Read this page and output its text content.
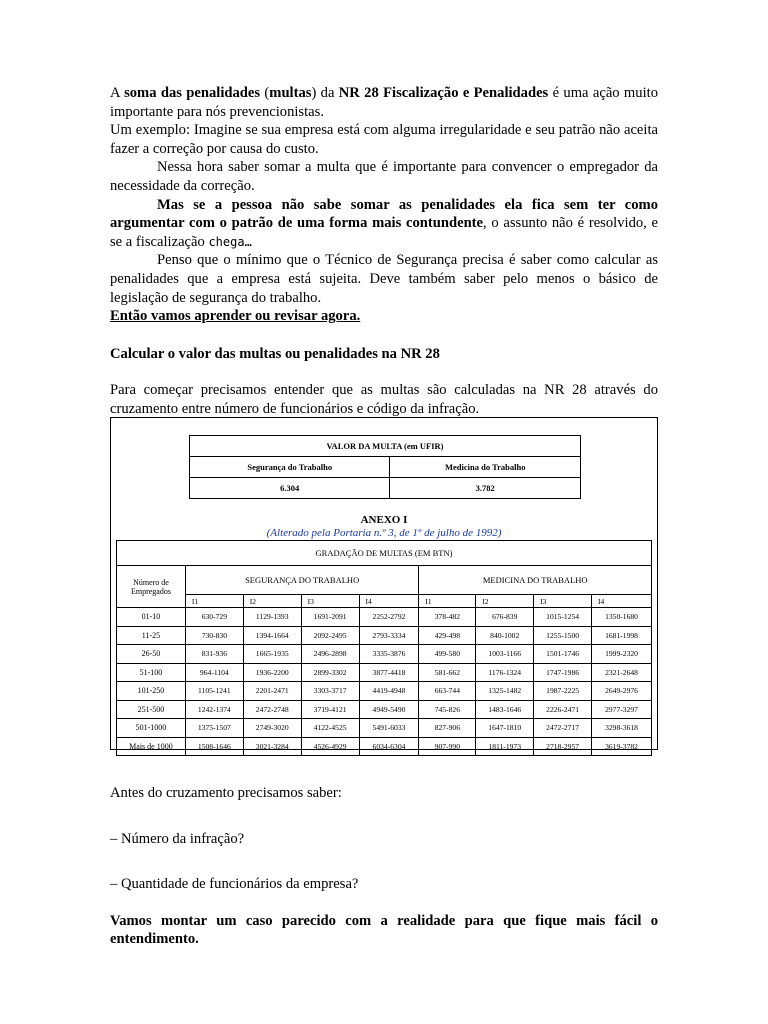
A soma das penalidades (multas) da NR 28 Fiscalização e Penalidades é uma ação muito importante para nós prevencionistas.

Um exemplo: Imagine se sua empresa está com alguma irregularidade e seu patrão não aceita fazer a correção por causa do custo.

Nessa hora saber somar a multa que é importante para convencer o empregador da necessidade da correção.

Mas se a pessoa não sabe somar as penalidades ela fica sem ter como argumentar com o patrão de uma forma mais contundente, o assunto não é resolvido, e se a fiscalização chega…

Penso que o mínimo que o Técnico de Segurança precisa é saber como calcular as penalidades que a empresa está sujeita. Deve também saber pelo menos o básico de legislação de segurança do trabalho.

Então vamos aprender ou revisar agora.

Calcular o valor das multas ou penalidades na NR 28

Para começar precisamos entender que as multas são calculadas na NR 28 através do cruzamento entre número de funcionários e código da infração.

VALOR DA MULTA (em UFIR)	
Segurança do Trabalho	Medicina do Trabalho
6.304	3.782
ANEXO I
(Alterado pela Portaria n.º 3, de 1º de julho de 1992)
GRADAÇÃO DE MULTAS (EM BTN)								
Número de Empregados	SEGURANÇA DO TRABALHO				MEDICINA DO TRABALHO			
	I1	I2	I3	I4	I1	I2	I3	I4
01-10	630-729	1129-1393	1691-2091	2252-2792	378-482	676-839	1015-1254	1350-1680
11-25	730-830	1394-1664	2092-2495	2793-3334	429-498	840-1002	1255-1500	1681-1998
26-50	831-936	1665-1935	2496-2898	3335-3876	499-580	1003-1166	1501-1746	1999-2320
51-100	964-1104	1936-2200	2899-3302	3877-4418	581-662	1176-1324	1747-1986	2321-2648
101-250	1105-1241	2201-2471	3303-3717	4419-4948	663-744	1325-1482	1987-2225	2649-2976
251-500	1242-1374	2472-2748	3719-4121	4949-5490	745-826	1483-1646	2226-2471	2977-3297
501-1000	1375-1507	2749-3020	4122-4525	5491-6033	827-906	1647-1810	2472-2717	3298-3618
Mais de 1000	1508-1646	3021-3284	4526-4929	6034-6304	907-990	1811-1973	2718-2957	3619-3782

Antes do cruzamento precisamos saber:

– Número da infração?

– Quantidade de funcionários da empresa?

Vamos montar um caso parecido com a realidade para que fique mais fácil o entendimento.
